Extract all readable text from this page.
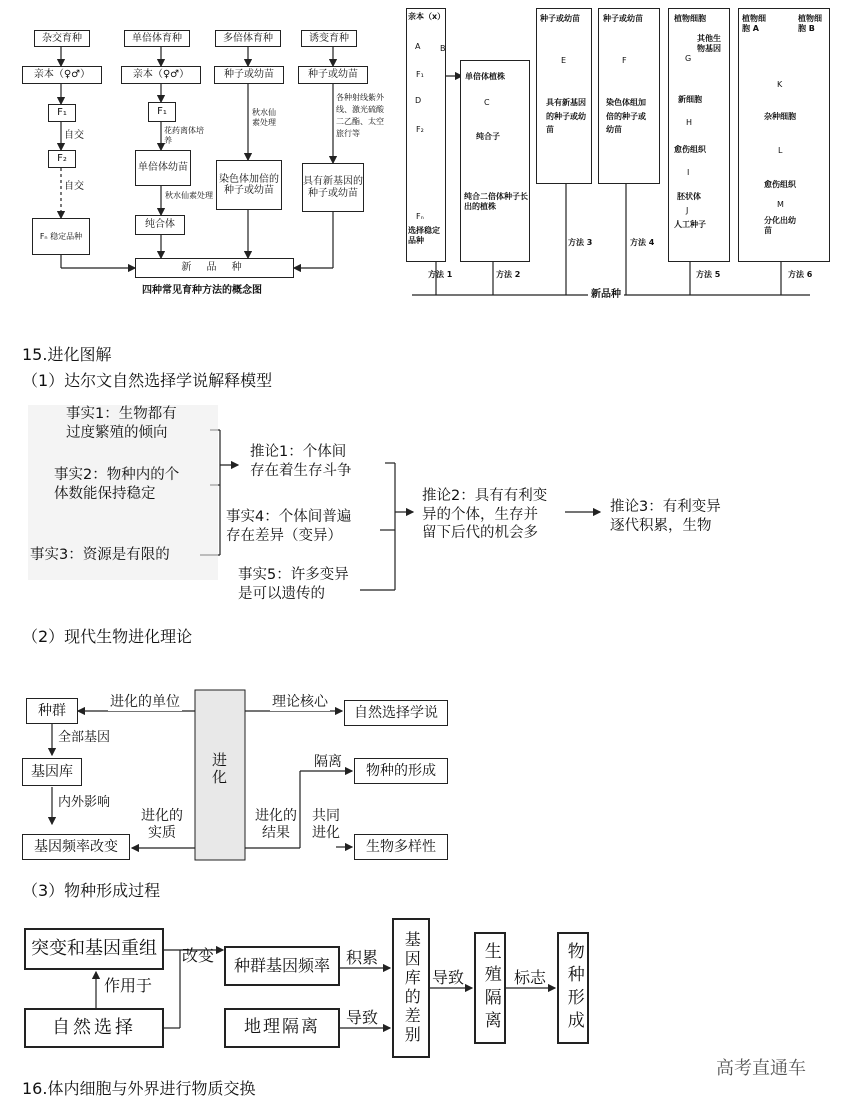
杂交育种
亲本（♀♂）
F₁
自交
F₂
自交
Fₙ 稳定品种
单倍体育种
亲本（♀♂）
F₁
花药离体培养
单倍体幼苗
秋水仙素处理
纯合体
多倍体育种
种子或幼苗
秋水仙素处理
染色体加倍的种子或幼苗
诱变育种
种子或幼苗
各种射线紫外线、激光硫酸二乙酯、太空旅行等
具有新基因的种子或幼苗
新 品 种
四种常见育种方法的概念图
亲本（x）
A
F₁
B
D
F₂
Fₙ
选择稳定品种
方法 1
单倍体植株
C
纯合子
纯合二倍体种子长出的植株
方法 2
种子或幼苗
E
具有新基因的种子或幼苗
方法 3
种子或幼苗
F
染色体组加倍的种子或幼苗
方法 4
植物细胞
G
其他生物基因
新细胞
H
愈伤组织
I
胚状体
J
人工种子
方法 5
植物细胞 A
植物细胞 B
K
杂种细胞
L
愈伤组织
M
分化出幼苗
方法 6
新品种
15.进化图解
（1）达尔文自然选择学说解释模型
事实1：生物都有
过度繁殖的倾向
事实2：物种内的个
体数能保持稳定
事实3：资源是有限的
推论1：个体间
存在着生存斗争
事实4：个体间普遍
存在差异（变异）
事实5：许多变异
是可以遗传的
推论2：具有有利变
异的个体，生存并
留下后代的机会多
推论3：有利变异
逐代积累，生物
（2）现代生物进化理论
种群
全部基因
基因库
内外影响
基因频率改变
进化的单位	理论核心
自然选择学说
进化
进化的实质
进化的结果
隔离
物种的形成
共同进化
生物多样性
（3）物种形成过程
突变和基因重组
作用于
自然选择
改变
种群基因频率	积累
地理隔离	导致	基因库的差别 导致 生殖隔离 标志	物种形成
16.体内细胞与外界进行物质交换
高考直通车
